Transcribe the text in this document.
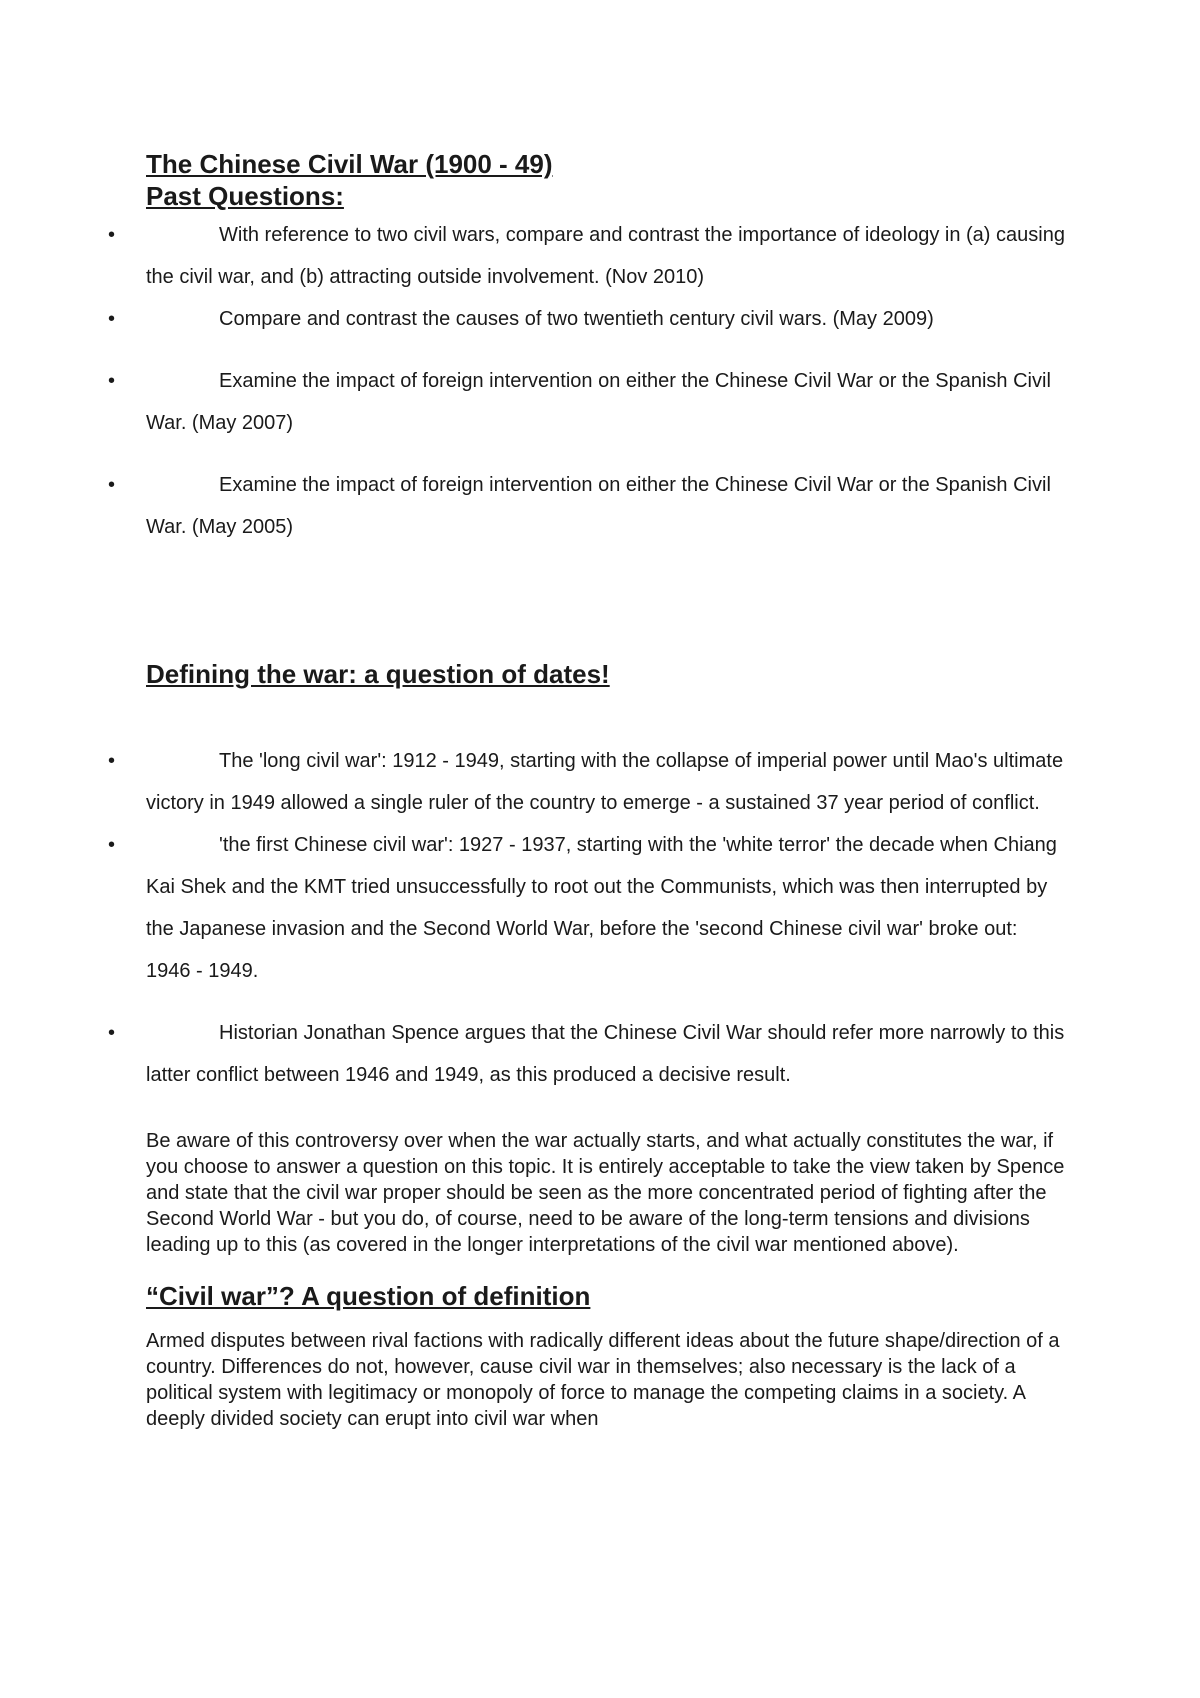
The Chinese Civil War (1900 - 49)
Past Questions:
•	With reference to two civil wars, compare and contrast the importance of ideology in (a) causing the civil war, and (b) attracting outside involvement. (Nov 2010)
•	Compare and contrast the causes of two twentieth century civil wars. (May 2009)
•	Examine the impact of foreign intervention on either the Chinese Civil War or the Spanish Civil War. (May 2007)
•	Examine the impact of foreign intervention on either the Chinese Civil War or the Spanish Civil War. (May 2005)
Defining the war: a question of dates!
•	The 'long civil war': 1912 - 1949, starting with the collapse of imperial power until Mao's ultimate victory in 1949 allowed a single ruler of the country to emerge - a sustained 37 year period of conflict.
•	'the first Chinese civil war': 1927 - 1937, starting with the 'white terror' the decade when Chiang Kai Shek and the KMT tried unsuccessfully to root out the Communists, which was then interrupted by the Japanese invasion and the Second World War, before the 'second Chinese civil war' broke out: 1946 - 1949.
•	Historian Jonathan Spence argues that the Chinese Civil War should refer more narrowly to this latter conflict between 1946 and 1949, as this produced a decisive result.

Be aware of this controversy over when the war actually starts, and what actually constitutes the war, if you choose to answer a question on this topic. It is entirely acceptable to take the view taken by Spence and state that the civil war proper should be seen as the more concentrated period of fighting after the Second World War - but you do, of course, need to be aware of the long-term tensions and divisions leading up to this (as covered in the longer interpretations of the civil war mentioned above).

“Civil war”? A question of definition

Armed disputes between rival factions with radically different ideas about the future shape/direction of a country. Differences do not, however, cause civil war in themselves; also necessary is the lack of a political system with legitimacy or monopoly of force to manage the competing claims in a society. A deeply divided society can erupt into civil war when
